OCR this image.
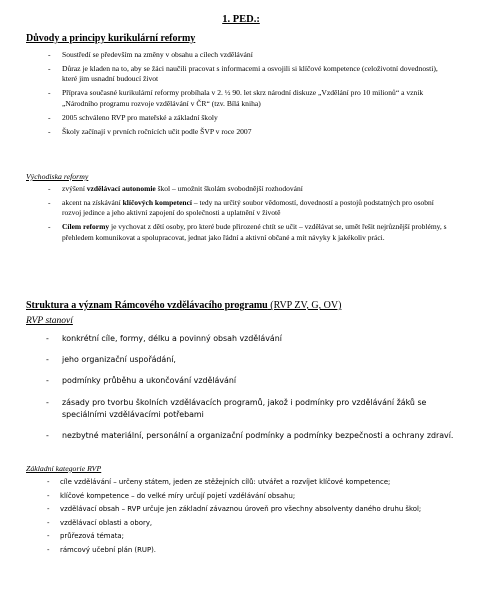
1. PED.:
Důvody a principy kurikulární reformy
- Soustředí se především na změny v obsahu a cílech vzdělávání
- Důraz je kladen na to, aby se žáci naučili pracovat s informacemi a osvojili si klíčové kompetence (celoživotní dovednosti), které jim usnadní budoucí život
- Příprava současné kurikulární reformy probíhala v 2. ½ 90. let skrz národní diskuze „Vzdělání pro 10 milionů“ a vznik „Národního programu rozvoje vzdělávání v ČR“ (tzv. Bílá kniha)
- 2005 schváleno RVP pro mateřské a základní školy
- Školy začínají v prvních ročnících učit podle ŠVP v roce 2007
Východiska reformy
- zvýšení vzdělávací autonomie škol – umožnit školám svobodnější rozhodování
- akcent na získávání klíčových kompetencí – tedy na určitý soubor vědomostí, dovedností a postojů podstatných pro osobní rozvoj jedince a jeho aktivní zapojení do společnosti a uplatnění v životě
- Cílem reformy je vychovat z dětí osoby, pro které bude přirozené chtít se učit – vzdělávat se, umět řešit nejrůznější problémy, s přehledem komunikovat a spolupracovat, jednat jako řádní a aktivní občané a mít návyky k jakékoliv práci.
Struktura a význam Rámcového vzdělávacího programu (RVP ZV, G, OV)
RVP stanoví
- konkrétní cíle, formy, délku a povinný obsah vzdělávání
- jeho organizační uspořádání,
- podmínky průběhu a ukončování vzdělávání
- zásady pro tvorbu školních vzdělávacích programů, jakož i podmínky pro vzdělávání žáků se speciálními vzdělávacími potřebami
- nezbytné materiální, personální a organizační podmínky a podmínky bezpečnosti a ochrany zdraví.
Základní kategorie RVP
- cíle vzdělávání – určeny státem, jeden ze stěžejních cílů: utvářet a rozvíjet klíčové kompetence;
- klíčové kompetence – do velké míry určují pojetí vzdělávání obsahu;
- vzdělávací obsah – RVP určuje jen základní závaznou úroveň pro všechny absolventy daného druhu škol;
- vzdělávací oblasti a obory,
- průřezová témata;
- rámcový učební plán (RUP).
